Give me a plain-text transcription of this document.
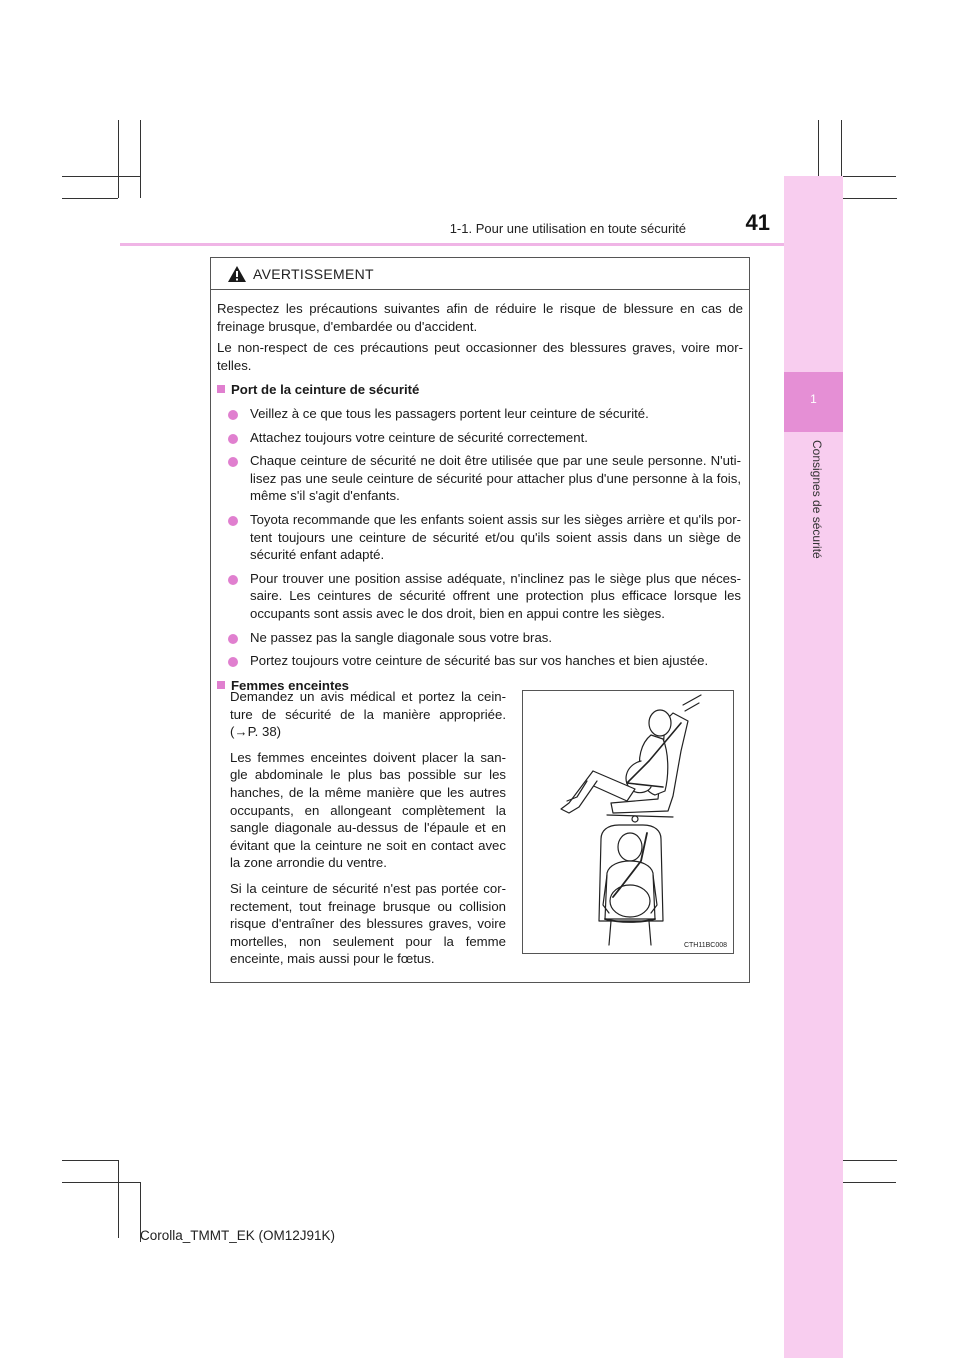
1
Consignes de sécurité
1-1. Pour une utilisation en toute sécurité	41
AVERTISSEMENT

Respectez les précautions suivantes afin de réduire le risque de blessure en cas de freinage brusque, d'embardée ou d'accident.

Le non-respect de ces précautions peut occasionner des blessures graves, voire mor-telles.

Port de la ceinture de sécurité
Veillez à ce que tous les passagers portent leur ceinture de sécurité.
Attachez toujours votre ceinture de sécurité correctement.
Chaque ceinture de sécurité ne doit être utilisée que par une seule personne. N'uti-lisez pas une seule ceinture de sécurité pour attacher plus d'une personne à la fois, même s'il s'agit d'enfants.
Toyota recommande que les enfants soient assis sur les sièges arrière et qu'ils por-tent toujours une ceinture de sécurité et/ou qu'ils soient assis dans un siège de sécurité enfant adapté.
Pour trouver une position assise adéquate, n'inclinez pas le siège plus que néces-saire. Les ceintures de sécurité offrent une protection plus efficace lorsque les occupants sont assis avec le dos droit, bien en appui contre les sièges.
Ne passez pas la sangle diagonale sous votre bras.
Portez toujours votre ceinture de sécurité bas sur vos hanches et bien ajustée.
Femmes enceintes

Demandez un avis médical et portez la cein-ture de sécurité de la manière appropriée. (→P. 38)

Les femmes enceintes doivent placer la san-gle abdominale le plus bas possible sur les hanches, de la même manière que les autres occupants, en allongeant complètement la sangle diagonale au-dessus de l'épaule et en évitant que la ceinture ne soit en contact avec la zone arrondie du ventre.

Si la ceinture de sécurité n'est pas portée cor-rectement, tout freinage brusque ou collision risque d'entraîner des blessures graves, voire mortelles, non seulement pour la femme enceinte, mais aussi pour le fœtus.

CTH11BC008
Corolla_TMMT_EK (OM12J91K)
